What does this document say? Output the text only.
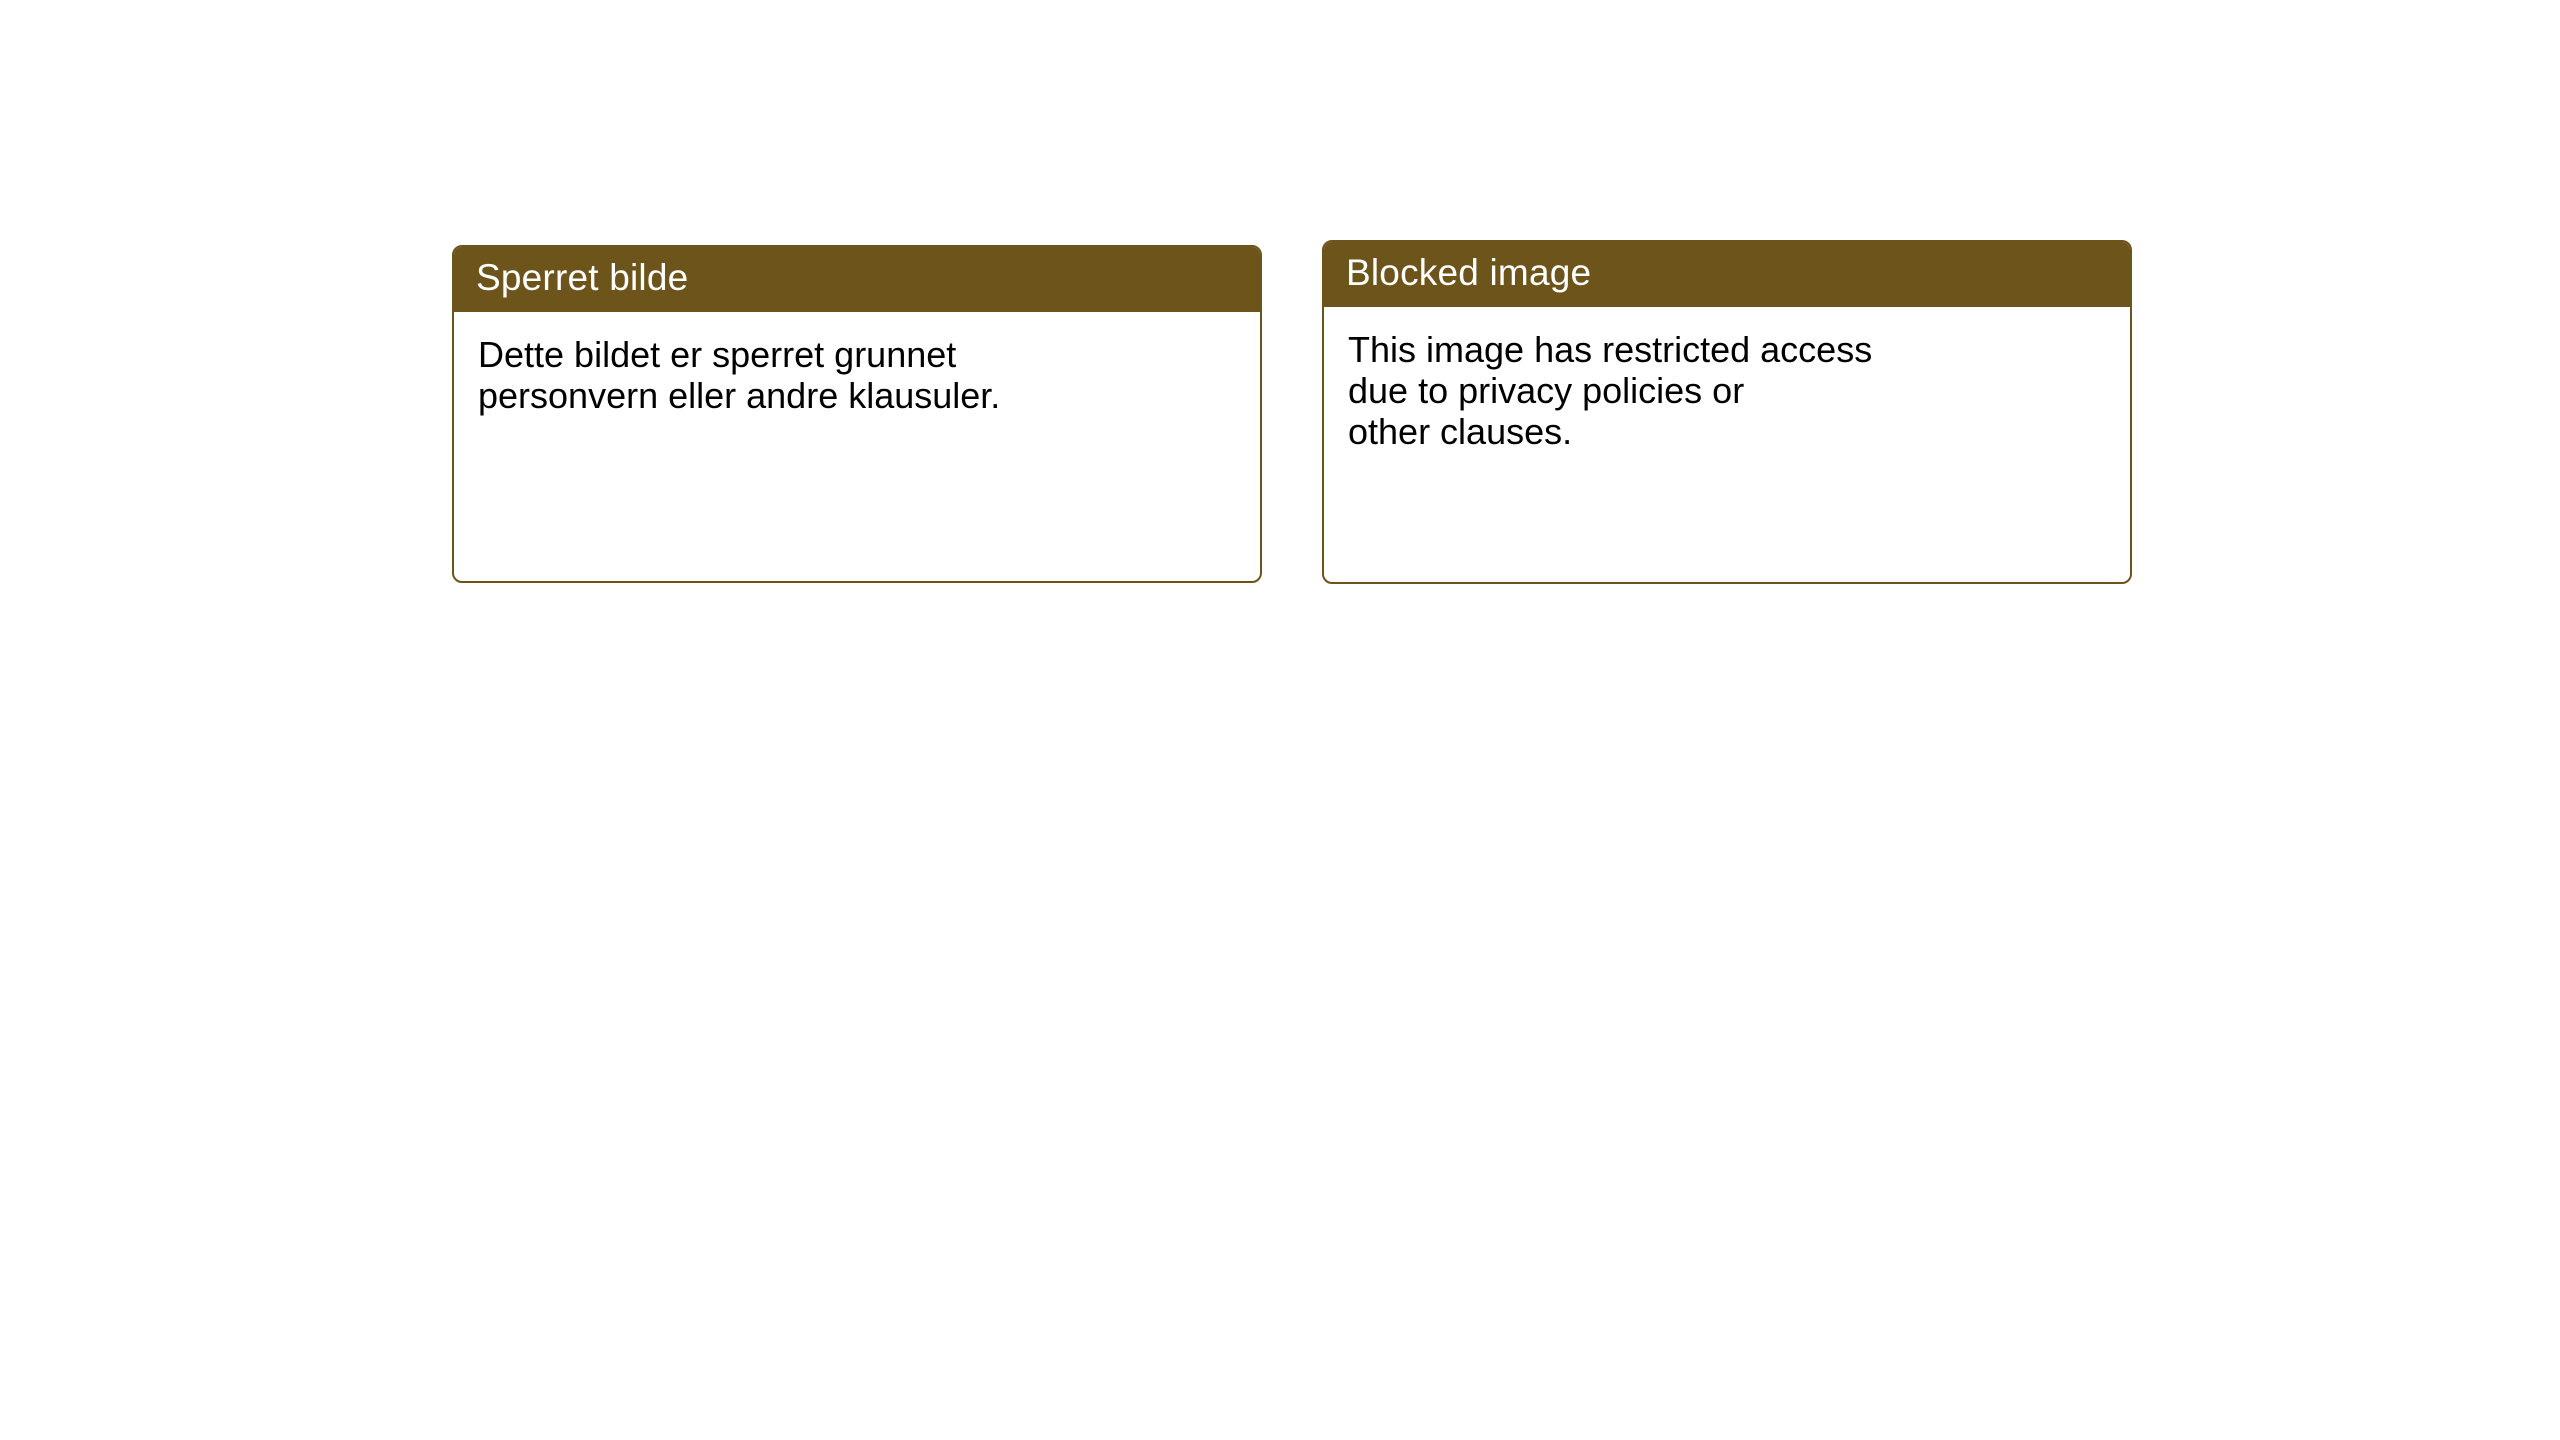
Sperret bilde

Dette bildet er sperret grunnet

personvern eller andre klausuler.

Blocked image

This image has restricted access

due to privacy policies or

other clauses.
